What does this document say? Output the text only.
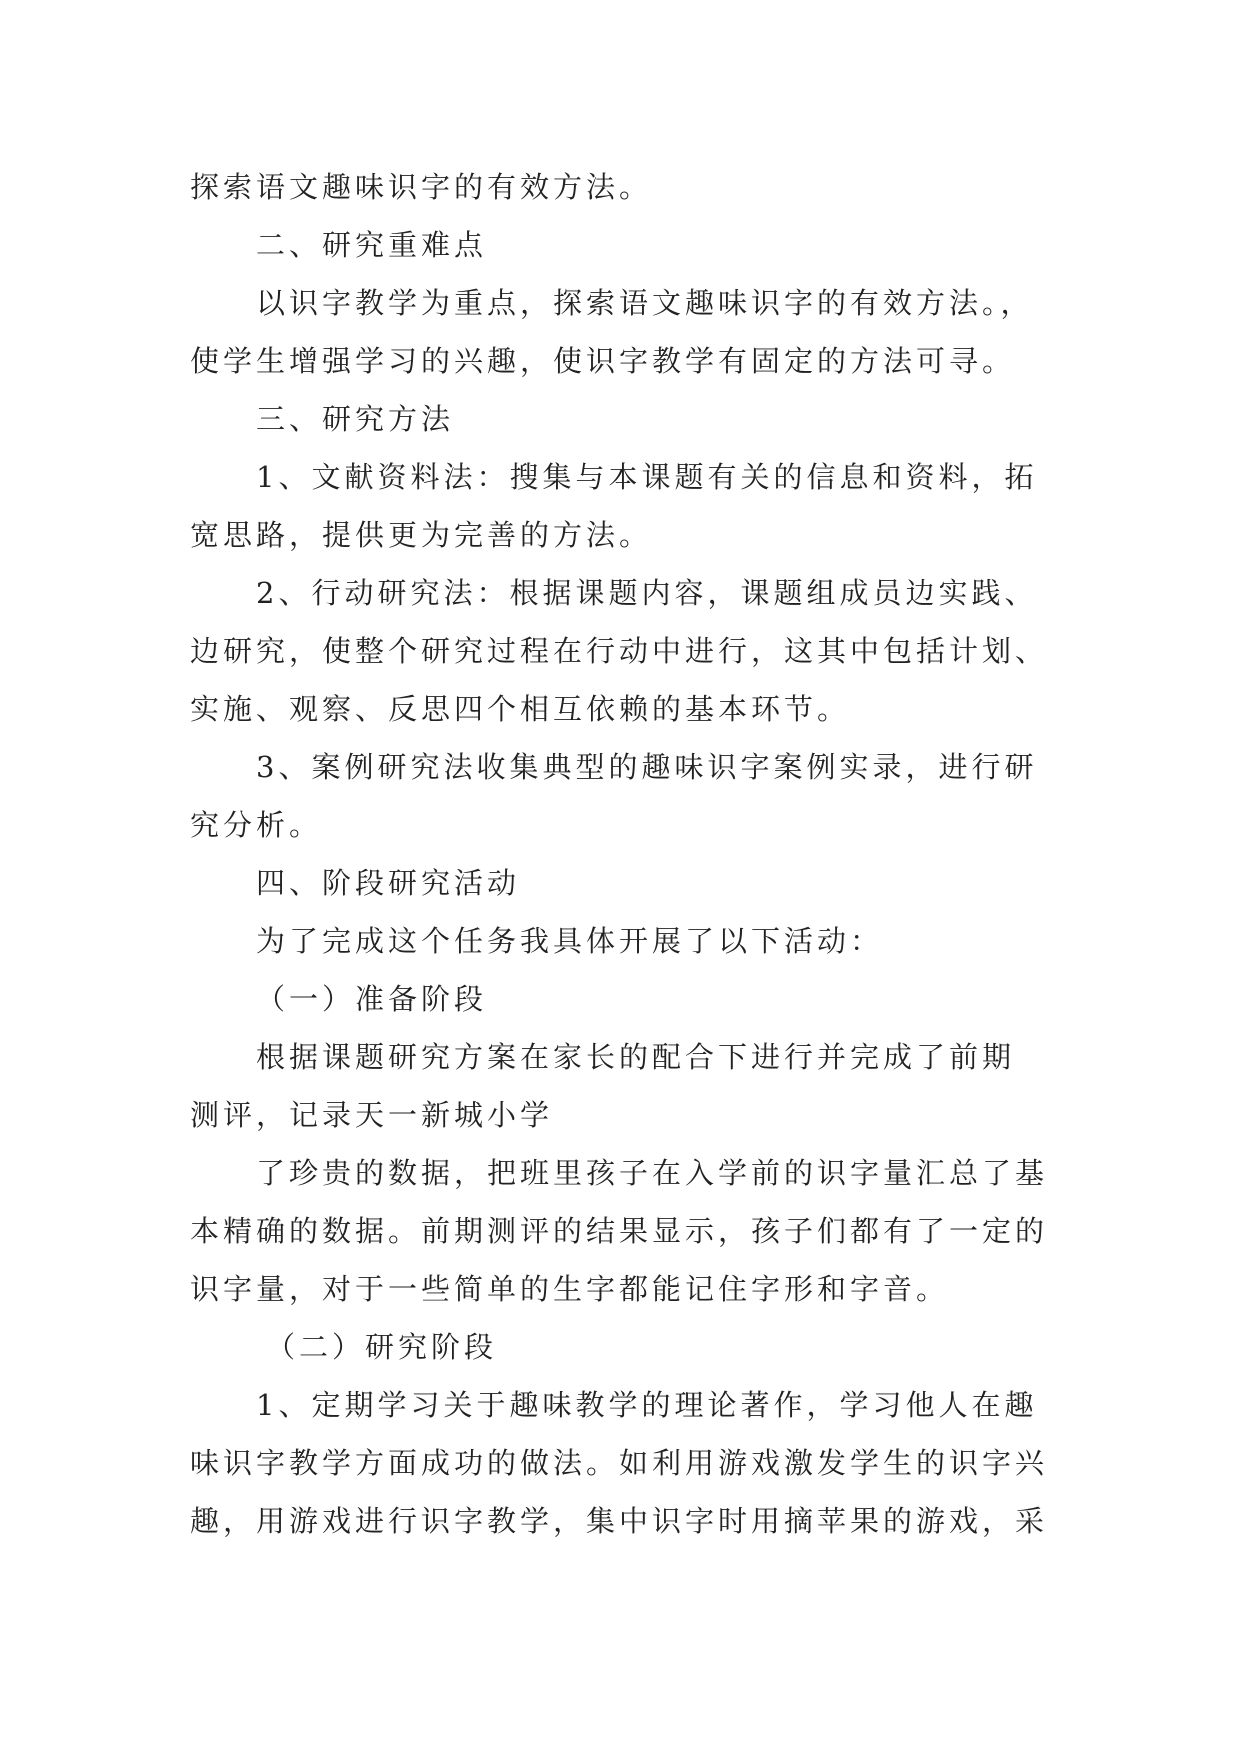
探索语文趣味识字的有效方法。
二、研究重难点
以识字教学为重点，探索语文趣味识字的有效方法。，
使学生增强学习的兴趣，使识字教学有固定的方法可寻。
三、研究方法
1、文献资料法：搜集与本课题有关的信息和资料，拓
宽思路，提供更为完善的方法。
2、行动研究法：根据课题内容，课题组成员边实践、
边研究，使整个研究过程在行动中进行，这其中包括计划、
实施、观察、反思四个相互依赖的基本环节。
3、案例研究法收集典型的趣味识字案例实录，进行研
究分析。
四、阶段研究活动
为了完成这个任务我具体开展了以下活动：
（一）准备阶段
根据课题研究方案在家长的配合下进行并完成了前期
测评，记录天一新城小学
了珍贵的数据，把班里孩子在入学前的识字量汇总了基
本精确的数据。前期测评的结果显示，孩子们都有了一定的
识字量，对于一些简单的生字都能记住字形和字音。
（二）研究阶段
1、定期学习关于趣味教学的理论著作，学习他人在趣
味识字教学方面成功的做法。如利用游戏激发学生的识字兴
趣，用游戏进行识字教学，集中识字时用摘苹果的游戏，采
